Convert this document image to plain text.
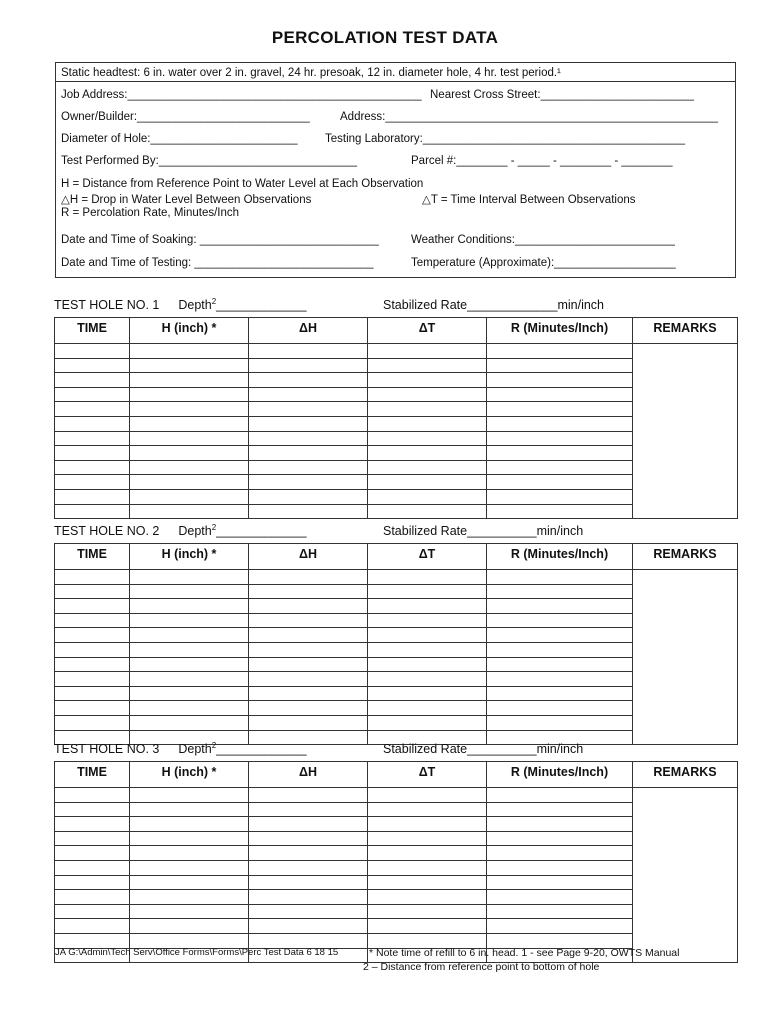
PERCOLATION TEST DATA
Static headtest: 6 in. water over 2 in. gravel, 24 hr. presoak, 12 in. diameter hole, 4 hr. test period.¹
Job Address:______________________________________________ Nearest Cross Street:________________________
Owner/Builder:___________________________	Address:____________________________________________________
Diameter of Hole:_______________________ Testing Laboratory:_________________________________________
Test Performed By:_______________________________	Parcel #:________ - _____ - ________ - ________
H = Distance from Reference Point to Water Level at Each Observation
△H = Drop in Water Level Between Observations	△T = Time Interval Between Observations
R = Percolation Rate, Minutes/Inch
Date and Time of Soaking: ____________________________	Weather Conditions:_________________________
Date and Time of Testing: ____________________________	Temperature (Approximate):___________________
TEST HOLE NO. 1 Depth$^2$_____________	Stabilized Rate_____________min/inch
TIME	H (inch) *	ΔH	ΔT	R (Minutes/Inch)	REMARKS

TEST HOLE NO. 2 Depth$^2$_____________	Stabilized Rate__________min/inch
TIME	H (inch) *	ΔH	ΔT	R (Minutes/Inch)	REMARKS

TEST HOLE NO. 3 Depth$^2$_____________	Stabilized Rate__________min/inch
TIME	H (inch) *	ΔH	ΔT	R (Minutes/Inch)	REMARKS

JA G:\Admin\Tech Serv\Office Forms\Forms\Perc Test Data 6 18 15	* Note time of refill to 6 in. head. 1 - see Page 9-20, OWTS Manual
2 – Distance from reference point to bottom of hole
